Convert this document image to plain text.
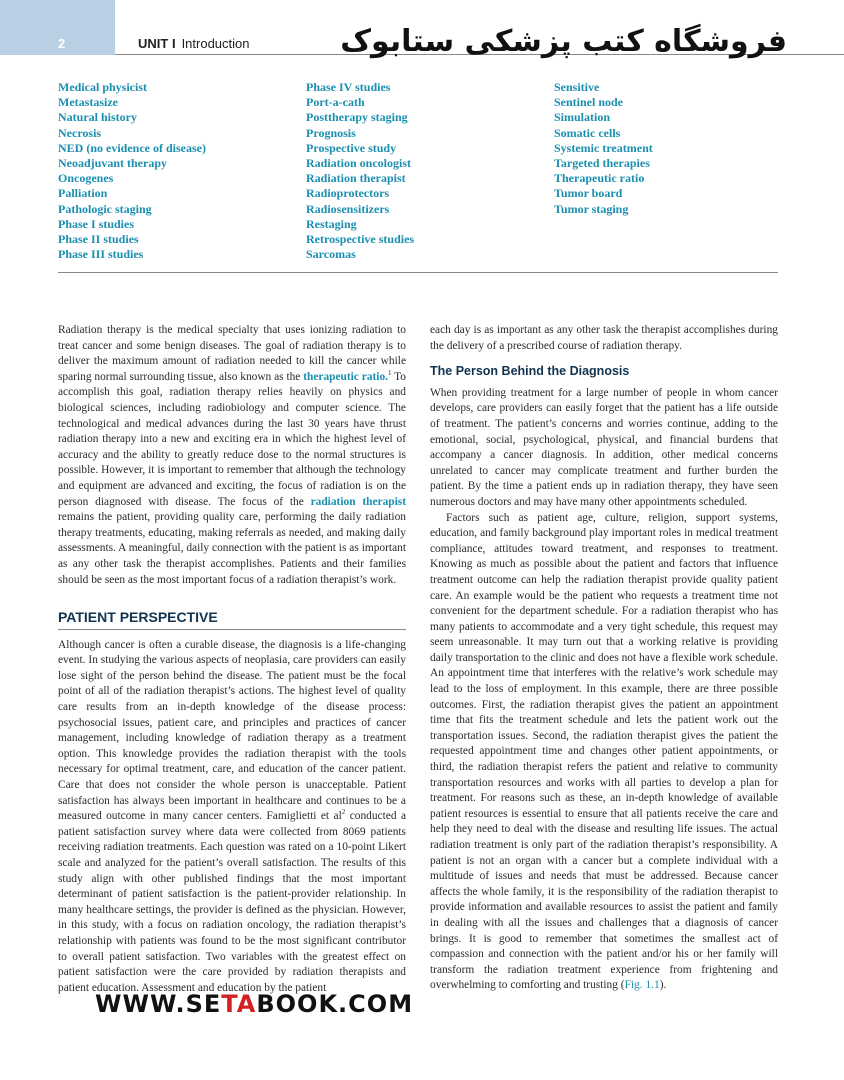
2	UNIT I Introduction	فروشگاه کتب پزشکی ستابوک
Medical physicist
Metastasize
Natural history
Necrosis
NED (no evidence of disease)
Neoadjuvant therapy
Oncogenes
Palliation
Pathologic staging
Phase I studies
Phase II studies
Phase III studies
Phase IV studies
Port-a-cath
Posttherapy staging
Prognosis
Prospective study
Radiation oncologist
Radiation therapist
Radioprotectors
Radiosensitizers
Restaging
Retrospective studies
Sarcomas
Sensitive
Sentinel node
Simulation
Somatic cells
Systemic treatment
Targeted therapies
Therapeutic ratio
Tumor board
Tumor staging

Radiation therapy is the medical specialty that uses ionizing radiation to treat cancer and some benign diseases. The goal of radiation therapy is to deliver the maximum amount of radiation needed to kill the cancer while sparing normal surrounding tissue, also known as the therapeutic ratio.$^1$ To accomplish this goal, radiation therapy relies heavily on physics and biological sciences, including radiobiology and computer science. The technological and medical advances during the last 30 years have thrust radiation therapy into a new and exciting era in which the highest level of accuracy and the ability to greatly reduce dose to the normal structures is possible. However, it is important to remember that although the technology and equipment are advanced and exciting, the focus of radiation is on the person diagnosed with disease. The focus of the radiation therapist remains the patient, providing quality care, performing the daily radiation therapy treatments, educating, making referrals as needed, and making daily assessments. A meaningful, daily connection with the patient is as important as any other task the therapist accomplishes. Patients and their families should be seen as the most important focus of a radiation therapist’s work.

PATIENT PERSPECTIVE

Although cancer is often a curable disease, the diagnosis is a life-changing event. In studying the various aspects of neoplasia, care providers can easily lose sight of the person behind the disease. The patient must be the focal point of all of the radiation therapist’s actions. The highest level of quality care results from an in-depth knowledge of the disease process: psychosocial issues, patient care, and principles and practices of cancer management, including knowledge of radiation therapy as a treatment option. This knowledge provides the radiation therapist with the tools necessary for optimal treatment, care, and education of the cancer patient. Care that does not consider the whole person is unacceptable. Patient satisfaction has always been important in healthcare and continues to be a measured outcome in many cancer centers. Famiglietti et $al^2$ conducted a patient satisfaction survey where data were collected from 8069 patients receiving radiation treatments. Each question was rated on a 10-point Likert scale and analyzed for the patient’s overall satisfaction. The results of this study align with other published findings that the most important determinant of patient satisfaction is the patient-provider relationship. In many healthcare settings, the provider is defined as the physician. However, in this study, with a focus on radiation oncology, the radiation therapist’s relationship with patients was found to be the most significant contributor to overall patient satisfaction. Two variables with the greatest effect on patient satisfaction were the care provided by radiation therapists and patient education. Assessment and education by the patient

each day is as important as any other task the therapist accomplishes during the delivery of a prescribed course of radiation therapy.

The Person Behind the Diagnosis

When providing treatment for a large number of people in whom cancer develops, care providers can easily forget that the patient has a life outside of treatment. The patient’s concerns and worries continue, adding to the emotional, social, psychological, physical, and financial burdens that accompany a cancer diagnosis. In addition, other medical concerns unrelated to cancer may complicate treatment and further burden the patient. By the time a patient ends up in radiation therapy, they have seen numerous doctors and may have many other appointments scheduled.

Factors such as patient age, culture, religion, support systems, education, and family background play important roles in medical treatment compliance, attitudes toward treatment, and responses to treatment. Knowing as much as possible about the patient and factors that influence treatment outcome can help the radiation therapist provide quality patient care. An example would be the patient who requests a treatment time not convenient for the department schedule. For a radiation therapist who has many patients to accommodate and a very tight schedule, this request may seem unreasonable. It may turn out that a working relative is providing daily transportation to the clinic and does not have a flexible work schedule. An appointment time that interferes with the relative’s work schedule may lead to the loss of employment. In this example, there are three possible outcomes. First, the radiation therapist gives the patient an appointment time that fits the treatment schedule and lets the patient work out the transportation issues. Second, the radiation therapist gives the patient the requested appointment time and changes other patient appointments, or third, the radiation therapist refers the patient and relative to community transportation resources and works with all parties to develop a plan for treatment. For reasons such as these, an in-depth knowledge of available patient resources is essential to ensure that all patients receive the care and help they need to deal with the disease and resulting life issues. The actual radiation treatment is only part of the radiation therapist’s responsibility. A patient is not an organ with a cancer but a complete individual with a multitude of issues and needs that must be addressed. Because cancer affects the whole family, it is the responsibility of the radiation therapist to provide information and available resources to assist the patient and family in dealing with all the issues and challenges that a diagnosis of cancer brings. It is good to remember that sometimes the smallest act of compassion and connection with the patient and/or his or her family will transform the radiation treatment experience from frightening and overwhelming to comforting and trusting (Fig. 1.1).

WWW.SETABOOK.COM
